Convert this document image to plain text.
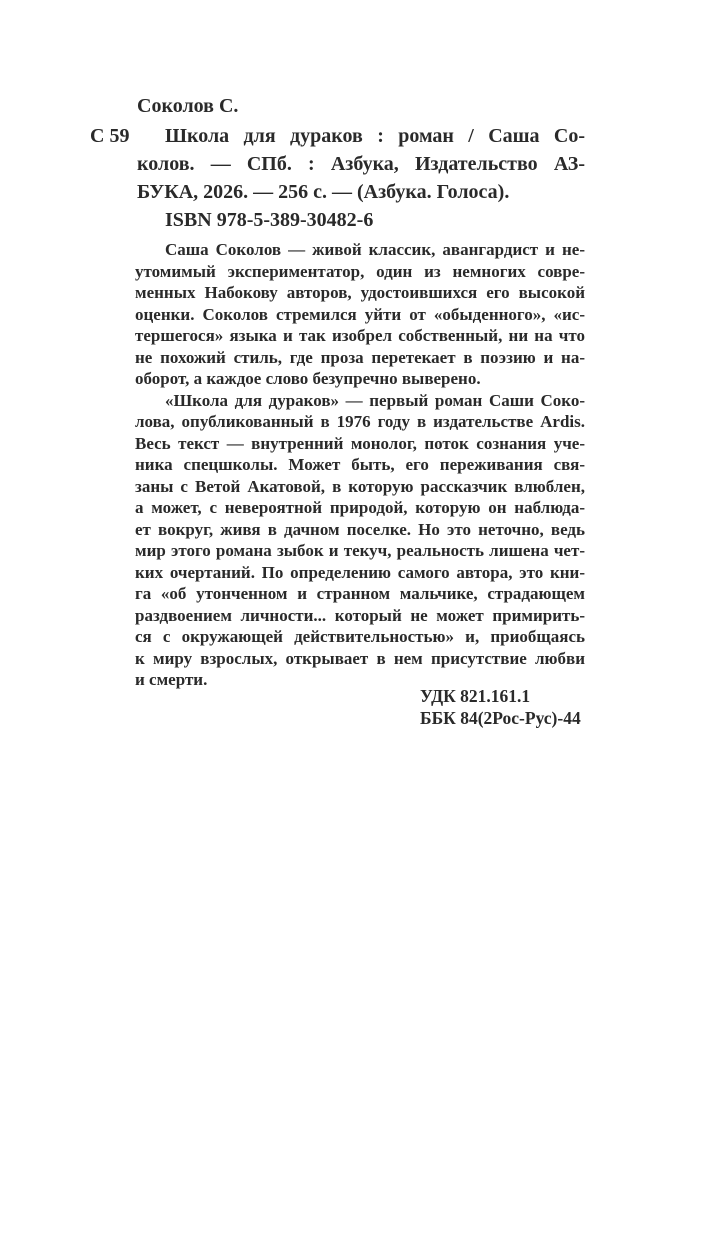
Соколов С.
С 59	Школа для дураков : роман / Саша Со-
колов. — СПб. : Азбука, Издательство АЗ-
БУКА, 2026. — 256 с. — (Азбука. Голоса).
ISBN 978-5-389-30482-6
Саша Соколов — живой классик, авангардист и не-
утомимый экспериментатор, один из немногих совре-
менных Набокову авторов, удостоившихся его высокой
оценки. Соколов стремился уйти от «обыденного», «ис-
тершегося» языка и так изобрел собственный, ни на что
не похожий стиль, где проза перетекает в поэзию и на-
оборот, а каждое слово безупречно выверено.
«Школа для дураков» — первый роман Саши Соко-
лова, опубликованный в 1976 году в издательстве Ardis.
Весь текст — внутренний монолог, поток сознания уче-
ника спецшколы. Может быть, его переживания свя-
заны с Ветой Акатовой, в которую рассказчик влюблен,
а может, с невероятной природой, которую он наблюда-
ет вокруг, живя в дачном поселке. Но это неточно, ведь
мир этого романа зыбок и текуч, реальность лишена чет-
ких очертаний. По определению самого автора, это кни-
га «об утонченном и странном мальчике, страдающем
раздвоением личности... который не может примирить-
ся с окружающей действительностью» и, приобщаясь
к миру взрослых, открывает в нем присутствие любви
и смерти.
УДК 821.161.1
ББК 84(2Рос-Рус)-44
